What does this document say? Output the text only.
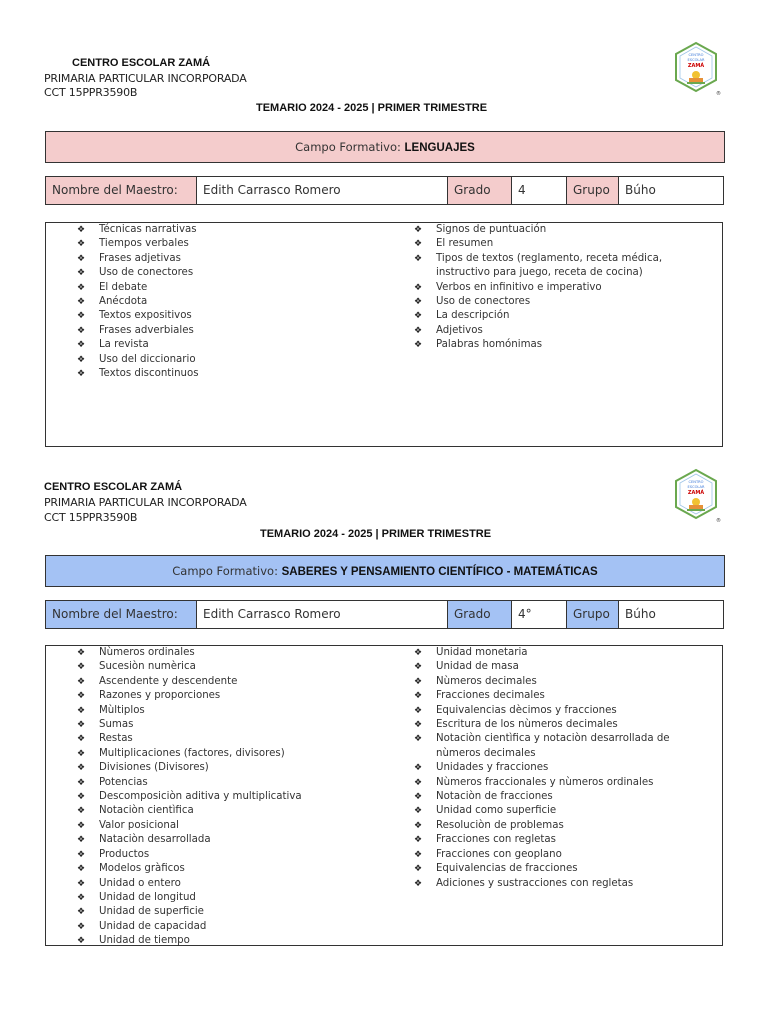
CENTRO ESCOLAR ZAMÁ
PRIMARIA PARTICULAR INCORPORADA
CCT 15PPR3590B
TEMARIO 2024 - 2025 | PRIMER TRIMESTRE
CENTRO
ESCOLAR
ZAMÁ
®
Campo Formativo: LENGUAJES
Nombre del Maestro:	Edith Carrasco Romero	Grado	4	Grupo	Búho
❖ Técnicas narrativas
❖ Tiempos verbales
❖ Frases adjetivas
❖ Uso de conectores
❖ El debate
❖ Anécdota
❖ Textos expositivos
❖ Frases adverbiales
❖ La revista
❖ Uso del diccionario
❖ Textos discontinuos
❖ Signos de puntuación
❖ El resumen
❖ Tipos de textos (reglamento, receta médica,
instructivo para juego, receta de cocina)
❖ Verbos en infinitivo e imperativo
❖ Uso de conectores
❖ La descripción
❖ Adjetivos
❖ Palabras homónimas
CENTRO ESCOLAR ZAMÁ
PRIMARIA PARTICULAR INCORPORADA
CCT 15PPR3590B
TEMARIO 2024 - 2025 | PRIMER TRIMESTRE
CENTRO
ESCOLAR
ZAMÁ
®
Campo Formativo: SABERES Y PENSAMIENTO CIENTÍFICO - MATEMÁTICAS
Nombre del Maestro:	Edith Carrasco Romero	Grado	4°	Grupo	Búho
❖ Nùmeros ordinales
❖ Sucesiòn numèrica
❖ Ascendente y descendente
❖ Razones y proporciones
❖ Mùltiplos
❖ Sumas
❖ Restas
❖ Multiplicaciones (factores, divisores)
❖ Divisiones (Divisores)
❖ Potencias
❖ Descomposiciòn aditiva y multiplicativa
❖ Notaciòn cientìfica
❖ Valor posicional
❖ Nataciòn desarrollada
❖ Productos
❖ Modelos gràficos
❖ Unidad o entero
❖ Unidad de longitud
❖ Unidad de superficie
❖ Unidad de capacidad
❖ Unidad de tiempo
❖ Unidad monetaria
❖ Unidad de masa
❖ Nùmeros decimales
❖ Fracciones decimales
❖ Equivalencias dècimos y fracciones
❖ Escritura de los nùmeros decimales
❖ Notaciòn cientìfica y notaciòn desarrollada de
nùmeros decimales
❖ Unidades y fracciones
❖ Nùmeros fraccionales y nùmeros ordinales
❖ Notaciòn de fracciones
❖ Unidad como superficie
❖ Resoluciòn de problemas
❖ Fracciones con regletas
❖ Fracciones con geoplano
❖ Equivalencias de fracciones
❖ Adiciones y sustracciones con regletas
